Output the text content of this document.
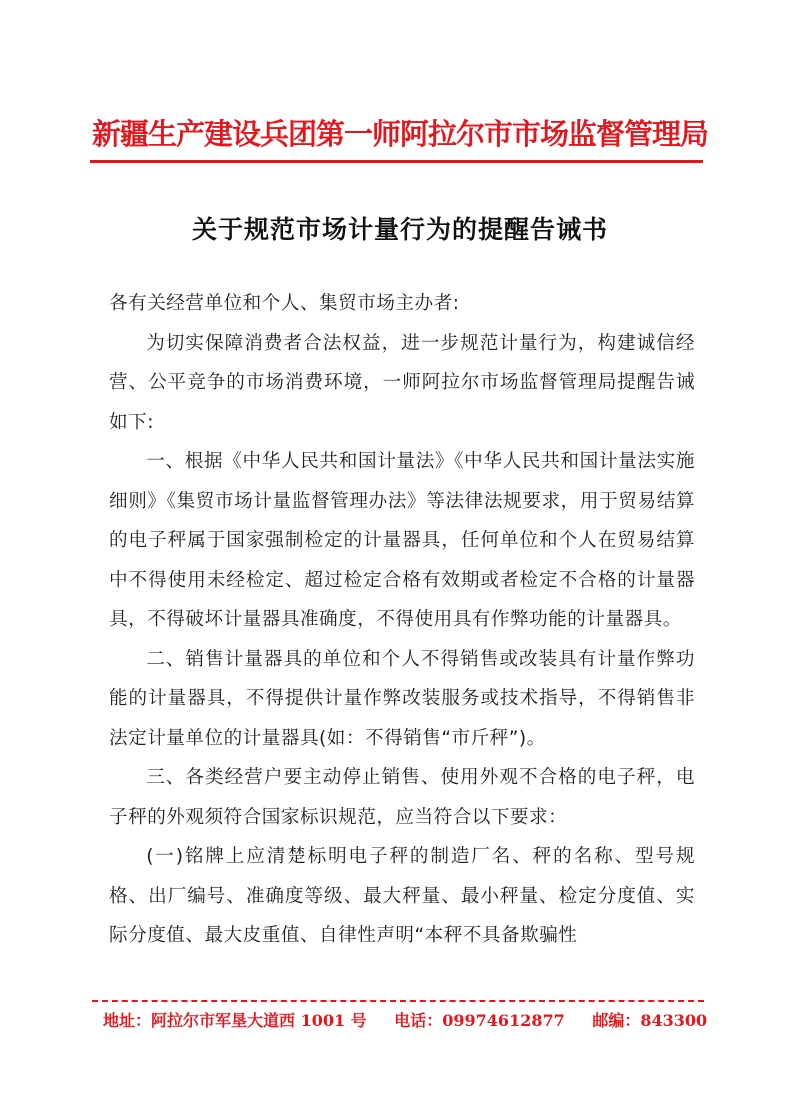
新疆生产建设兵团第一师阿拉尔市市场监督管理局
关于规范市场计量行为的提醒告诫书

各有关经营单位和个人、集贸市场主办者:

为切实保障消费者合法权益，进一步规范计量行为，构建诚信经营、公平竞争的市场消费环境，一师阿拉尔市场监督管理局提醒告诫如下:

一、根据《中华人民共和国计量法》《中华人民共和国计量法实施细则》《集贸市场计量监督管理办法》等法律法规要求，用于贸易结算的电子秤属于国家强制检定的计量器具，任何单位和个人在贸易结算中不得使用未经检定、超过检定合格有效期或者检定不合格的计量器具，不得破坏计量器具准确度，不得使用具有作弊功能的计量器具。

二、销售计量器具的单位和个人不得销售或改装具有计量作弊功能的计量器具，不得提供计量作弊改装服务或技术指导，不得销售非法定计量单位的计量器具(如：不得销售“市斤秤”)。

三、各类经营户要主动停止销售、使用外观不合格的电子秤，电子秤的外观须符合国家标识规范，应当符合以下要求：

(一)铭牌上应清楚标明电子秤的制造厂名、秤的名称、型号规格、出厂编号、准确度等级、最大秤量、最小秤量、检定分度值、实际分度值、最大皮重值、自律性声明“本秤不具备欺骗性

地址：阿拉尔市军垦大道西 1001 号 电话：09974612877 邮编：843300
